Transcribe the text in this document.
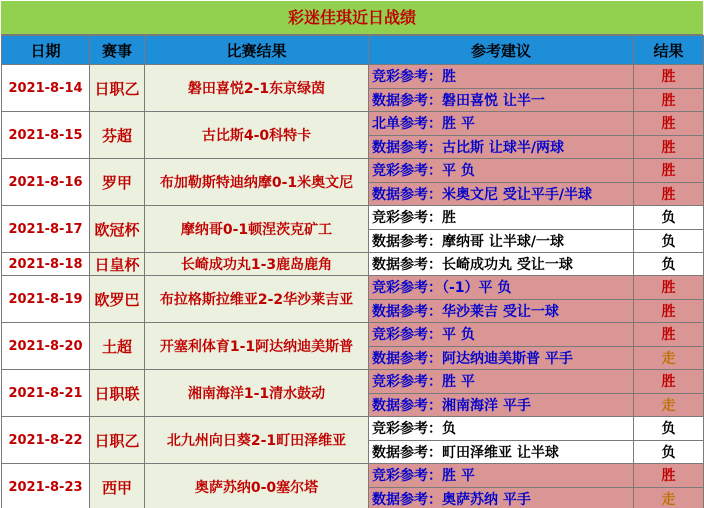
彩迷佳琪近日战绩
日期	赛事	比赛结果	参考建议	结果
2021-8-14	日职乙	磐田喜悦2-1东京绿茵	竞彩参考：胜	胜
			数据参考：磐田喜悦 让半一	胜
2021-8-15	芬超	古比斯4-0科特卡	北单参考：胜 平	胜
			数据参考：古比斯 让球半/两球	胜
2021-8-16	罗甲	布加勒斯特迪纳摩0-1米奥文尼	竞彩参考：平 负	胜
			数据参考：米奥文尼 受让平手/半球	胜
2021-8-17	欧冠杯	摩纳哥0-1顿涅茨克矿工	竞彩参考：胜	负
			数据参考：摩纳哥 让半球/一球	负
2021-8-18	日皇杯	长崎成功丸1-3鹿岛鹿角	数据参考：长崎成功丸 受让一球	负
2021-8-19	欧罗巴	布拉格斯拉维亚2-2华沙莱吉亚	竞彩参考：（-1）平 负	胜
			数据参考：华沙莱吉 受让一球	胜
2021-8-20	土超	开塞利体育1-1阿达纳迪美斯普	竞彩参考：平 负	胜
			数据参考：阿达纳迪美斯普 平手	走
2021-8-21	日职联	湘南海洋1-1清水鼓动	竞彩参考：胜 平	胜
			数据参考：湘南海洋 平手	走
2021-8-22	日职乙	北九州向日葵2-1町田泽维亚	竞彩参考：负	负
			数据参考：町田泽维亚 让半球	负
2021-8-23	西甲	奥萨苏纳0-0塞尔塔	竞彩参考：胜 平	胜
			数据参考：奥萨苏纳 平手	走
